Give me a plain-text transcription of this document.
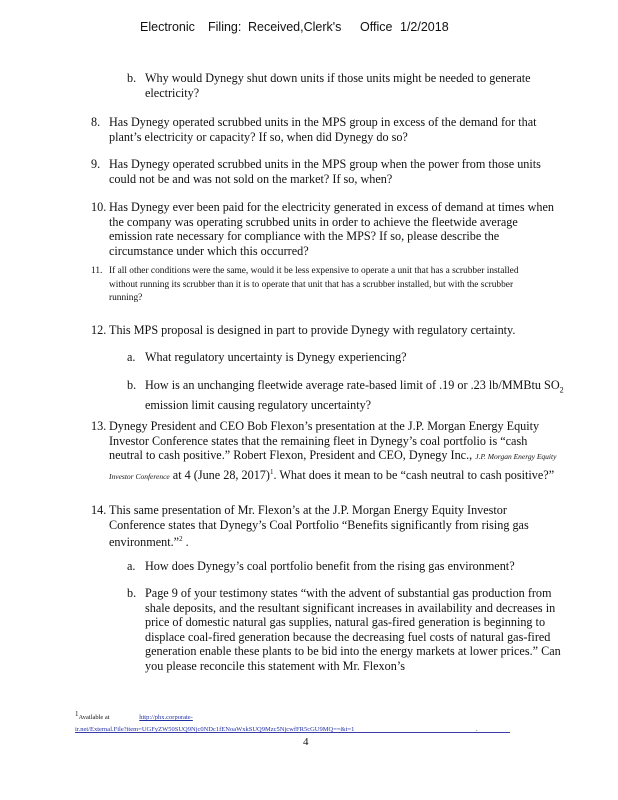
Electronic Filing: Received,Clerk's Office 1/2/2018
b. Why would Dynegy shut down units if those units might be needed to generate electricity?
8. Has Dynegy operated scrubbed units in the MPS group in excess of the demand for that plant’s electricity or capacity? If so, when did Dynegy do so?
9. Has Dynegy operated scrubbed units in the MPS group when the power from those units could not be and was not sold on the market? If so, when?
10. Has Dynegy ever been paid for the electricity generated in excess of demand at times when the company was operating scrubbed units in order to achieve the fleetwide average emission rate necessary for compliance with the MPS? If so, please describe the circumstance under which this occurred?
11. If all other conditions were the same, would it be less expensive to operate a unit that has a scrubber installed without running its scrubber than it is to operate that unit that has a scrubber installed, but with the scrubber running?
12. This MPS proposal is designed in part to provide Dynegy with regulatory certainty.
a. What regulatory uncertainty is Dynegy experiencing?
b. How is an unchanging fleetwide average rate-based limit of .19 or .23 lb/MMBtu $SO_2$ emission limit causing regulatory uncertainty?
13. Dynegy President and CEO Bob Flexon’s presentation at the J.P. Morgan Energy Equity Investor Conference states that the remaining fleet in Dynegy’s coal portfolio is “cash neutral to cash positive.” Robert Flexon, President and CEO, Dynegy Inc., J.P. Morgan Energy Equity Investor Conference at 4 (June 28, 2017)$^1$. What does it mean to be “cash neutral to cash positive?”
14. This same presentation of Mr. Flexon’s at the J.P. Morgan Energy Equity Investor Conference states that Dynegy’s Coal Portfolio “Benefits significantly from rising gas environment.”$^2$ .
a. How does Dynegy’s coal portfolio benefit from the rising gas environment?
b. Page 9 of your testimony states “with the advent of substantial gas production from shale deposits, and the resultant significant increases in availability and decreases in price of domestic natural gas supplies, natural gas-fired generation is beginning to displace coal-fired generation because the decreasing fuel costs of natural gas-fired generation enable these plants to be bid into the energy markets at lower prices.” Can you please reconcile this statement with Mr. Flexon’s
$^1$Available at	http://phx.corporate-
ir.net/External.File?item=UGFyZW50SUQ9Njc0NDc1fENoaWxkSUQ9Mzc5NjcwfFR5cGU9MQ==&t=1	.
4
